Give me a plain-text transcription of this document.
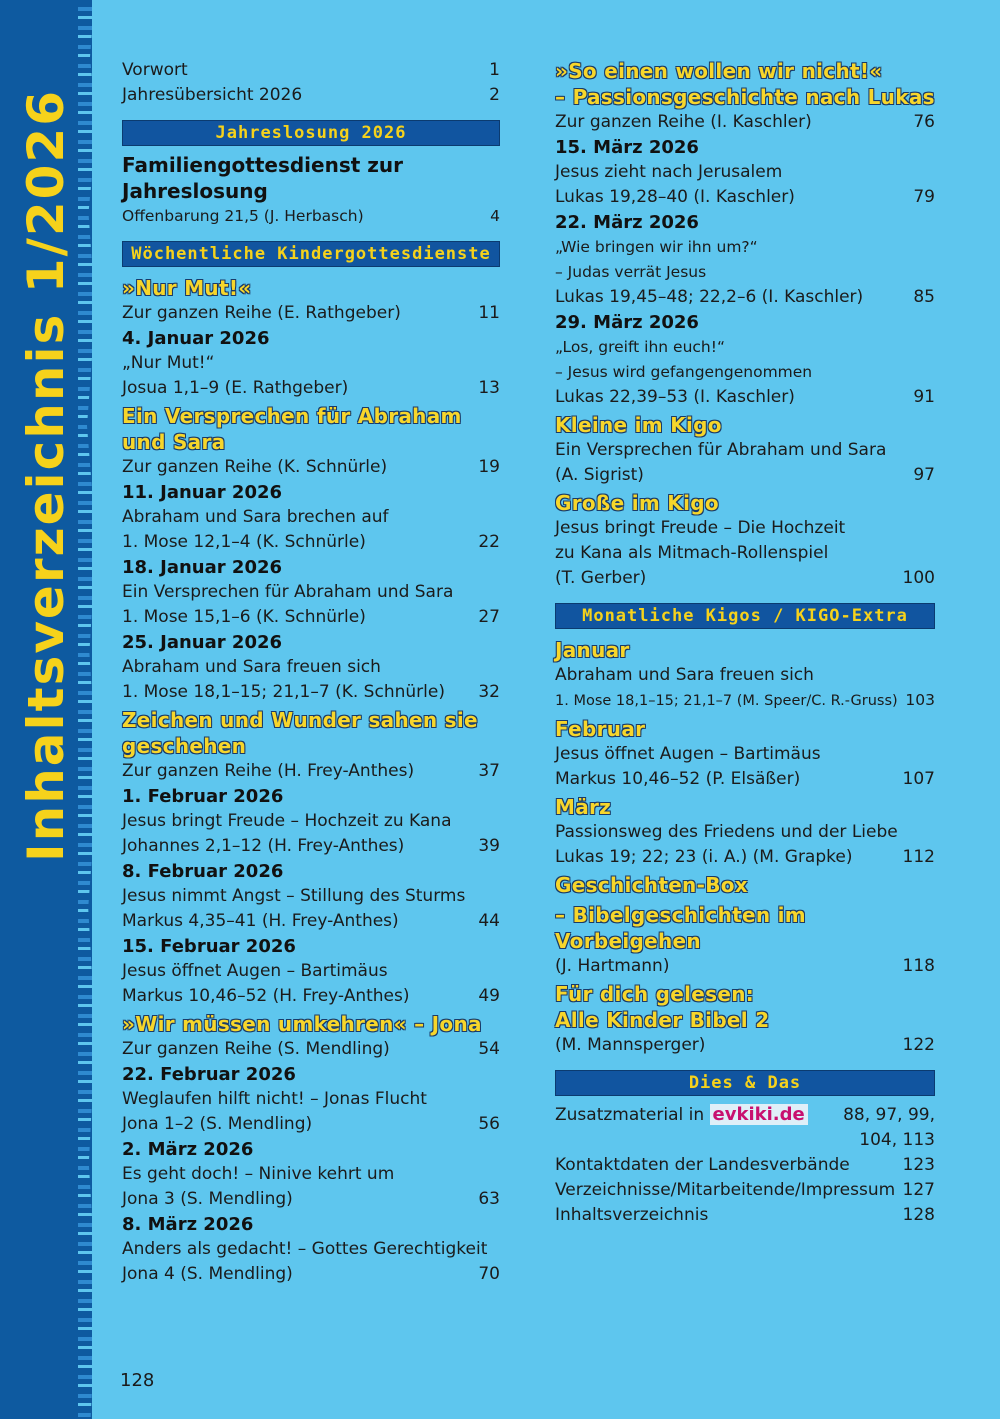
Inhaltsverzeichnis 1/2026
Vorwort	1
Jahresübersicht 2026	2
Jahreslosung 2026
Familiengottesdienst zur Jahreslosung
Offenbarung 21,5 (J. Herbasch)	4
Wöchentliche Kindergottesdienste
»Nur Mut!«
Zur ganzen Reihe (E. Rathgeber)	11
4. Januar 2026
„Nur Mut!“
Josua 1,1–9 (E. Rathgeber)	13
Ein Versprechen für Abraham
und Sara
Zur ganzen Reihe (K. Schnürle)	19
11. Januar 2026
Abraham und Sara brechen auf
1. Mose 12,1–4 (K. Schnürle)	22
18. Januar 2026
Ein Versprechen für Abraham und Sara
1. Mose 15,1–6 (K. Schnürle)	27
25. Januar 2026
Abraham und Sara freuen sich
1. Mose 18,1–15; 21,1–7 (K. Schnürle)	32
Zeichen und Wunder sahen sie
geschehen
Zur ganzen Reihe (H. Frey-Anthes)	37
1. Februar 2026
Jesus bringt Freude – Hochzeit zu Kana
Johannes 2,1–12 (H. Frey-Anthes)	39
8. Februar 2026
Jesus nimmt Angst – Stillung des Sturms
Markus 4,35–41 (H. Frey-Anthes)	44
15. Februar 2026
Jesus öffnet Augen – Bartimäus
Markus 10,46–52 (H. Frey-Anthes)	49
»Wir müssen umkehren« – Jona
Zur ganzen Reihe (S. Mendling)	54
22. Februar 2026
Weglaufen hilft nicht! – Jonas Flucht
Jona 1–2 (S. Mendling)	56
2. März 2026
Es geht doch! – Ninive kehrt um
Jona 3 (S. Mendling)	63
8. März 2026
Anders als gedacht! – Gottes Gerechtigkeit
Jona 4 (S. Mendling)	70
»So einen wollen wir nicht!«
– Passionsgeschichte nach Lukas
Zur ganzen Reihe (I. Kaschler)	76
15. März 2026
Jesus zieht nach Jerusalem
Lukas 19,28–40 (I. Kaschler)	79
22. März 2026
„Wie bringen wir ihn um?“
– Judas verrät Jesus
Lukas 19,45–48; 22,2–6 (I. Kaschler)	85
29. März 2026
„Los, greift ihn euch!“
– Jesus wird gefangengenommen
Lukas 22,39–53 (I. Kaschler)	91
Kleine im Kigo
Ein Versprechen für Abraham und Sara
(A. Sigrist)	97
Große im Kigo
Jesus bringt Freude – Die Hochzeit
zu Kana als Mitmach-Rollenspiel
(T. Gerber)	100
Monatliche Kigos / KIGO-Extra
Januar
Abraham und Sara freuen sich
1. Mose 18,1–15; 21,1–7 (M. Speer/C. R.-Gruss) 103
Februar
Jesus öffnet Augen – Bartimäus
Markus 10,46–52 (P. Elsäßer)	107
März
Passionsweg des Friedens und der Liebe
Lukas 19; 22; 23 (i. A.) (M. Grapke)	112
Geschichten-Box
– Bibelgeschichten im Vorbeigehen
(J. Hartmann)	118
Für dich gelesen:
Alle Kinder Bibel 2
(M. Mannsperger)	122
Dies & Das
Zusatzmaterial in evkiki.de	88, 97, 99,
104, 113
Kontaktdaten der Landesverbände	123
Verzeichnisse/Mitarbeitende/Impressum 127
Inhaltsverzeichnis	128
128
